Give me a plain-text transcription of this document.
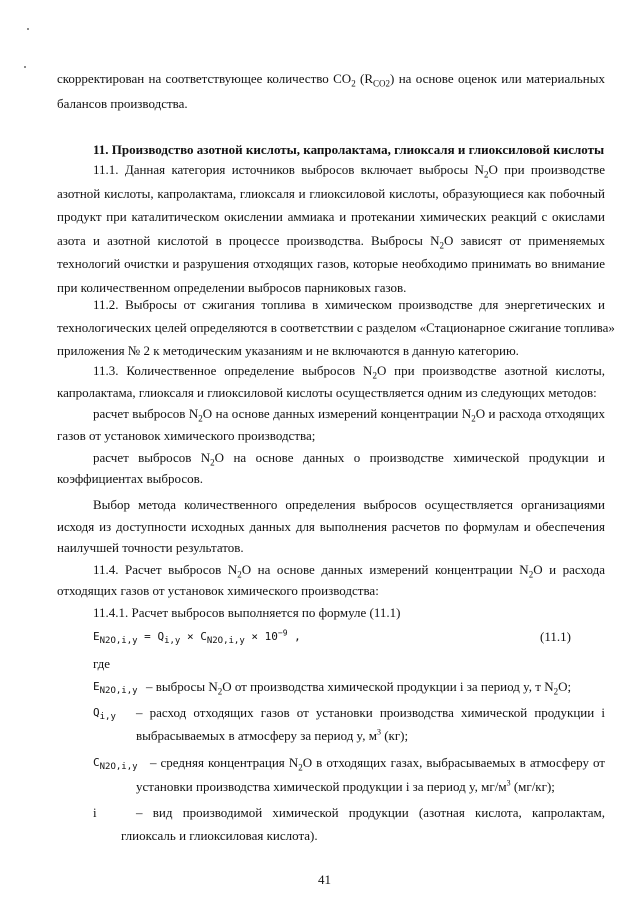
скорректирован на соответствующее количество $CO_2$ $(R_{CO2})$ на основе оценок или материальных
балансов производства.
11. Производство азотной кислоты, капролактама, глиоксаля и глиоксиловой кислоты
11.1. Данная категория источников выбросов включает выбросы $N_2O$ при производстве
азотной кислоты, капролактама, глиоксаля и глиоксиловой кислоты, образующиеся как побочный
продукт при каталитическом окислении аммиака и протекании химических реакций с окислами
азота и азотной кислотой в процессе производства. Выбросы $N_2O$ зависят от применяемых
технологий очистки и разрушения отходящих газов, которые необходимо принимать во внимание
при количественном определении выбросов парниковых газов.
11.2. Выбросы от сжигания топлива в химическом производстве для энергетических и
технологических целей определяются в соответствии с разделом «Стационарное сжигание топлива»
приложения № 2 к методическим указаниям и не включаются в данную категорию.
11.3. Количественное определение выбросов $N_2O$ при производстве азотной кислоты,
капролактама, глиоксаля и глиоксиловой кислоты осуществляется одним из следующих методов:
расчет выбросов $N_2O$ на основе данных измерений концентрации $N_2O$ и расхода отходящих
газов от установок химического производства;
расчет выбросов $N_2O$ на основе данных о производстве химической продукции и
коэффициентах выбросов.
Выбор метода количественного определения выбросов осуществляется организациями
исходя из доступности исходных данных для выполнения расчетов по формулам и обеспечения
наилучшей точности результатов.
11.4. Расчет выбросов $N_2O$ на основе данных измерений концентрации $N_2O$ и расхода
отходящих газов от установок химического производства:
11.4.1. Расчет выбросов выполняется по формуле (11.1)
$E_{N2O,i,y} = Q_{i,y} \times C_{N2O,i,y} \times 10^{-9}$ ,	(11.1)
где
$E_{N2O,i,y}$ – выбросы $N_2O$ от производства химической продукции i за период y, т $N_2O$;
$Q_{i,y}$ – расход отходящих газов от установки производства химической продукции i
выбрасываемых в атмосферу за период y, $м^3$ (кг);
$C_{N2O,i,y}$ – средняя концентрация $N_2O$ в отходящих газах, выбрасываемых в атмосферу от
установки производства химической продукции i за период y, $мг/м^3$ (мг/кг);
i	– вид производимой химической продукции (азотная кислота, капролактам,
глиоксаль и глиоксиловая кислота).
41
